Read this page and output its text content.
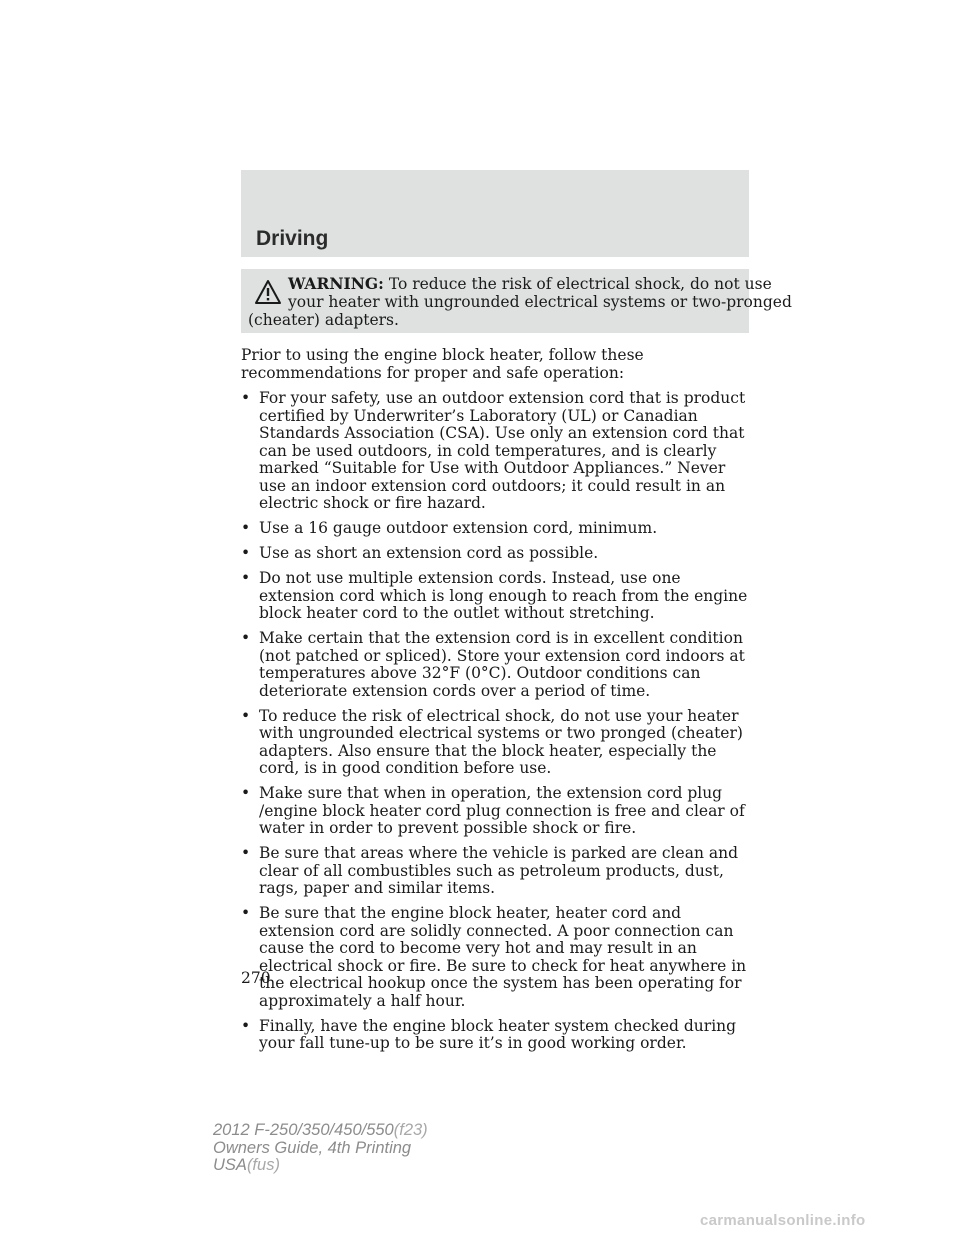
Driving
WARNING: To reduce the risk of electrical shock, do not use
your heater with ungrounded electrical systems or two-pronged
(cheater) adapters.

Prior to using the engine block heater, follow these recommendations for proper and safe operation:

• For your safety, use an outdoor extension cord that is product certified by Underwriter’s Laboratory (UL) or Canadian Standards Association (CSA). Use only an extension cord that can be used outdoors, in cold temperatures, and is clearly marked “Suitable for Use with Outdoor Appliances.” Never use an indoor extension cord outdoors; it could result in an electric shock or fire hazard.
• Use a 16 gauge outdoor extension cord, minimum.
• Use as short an extension cord as possible.
• Do not use multiple extension cords. Instead, use one extension cord which is long enough to reach from the engine block heater cord to the outlet without stretching.
• Make certain that the extension cord is in excellent condition (not patched or spliced). Store your extension cord indoors at temperatures above 32°F (0°C). Outdoor conditions can deteriorate extension cords over a period of time.
• To reduce the risk of electrical shock, do not use your heater with ungrounded electrical systems or two pronged (cheater) adapters. Also ensure that the block heater, especially the cord, is in good condition before use.
• Make sure that when in operation, the extension cord plug /engine block heater cord plug connection is free and clear of water in order to prevent possible shock or fire.
• Be sure that areas where the vehicle is parked are clean and clear of all combustibles such as petroleum products, dust, rags, paper and similar items.
• Be sure that the engine block heater, heater cord and extension cord are solidly connected. A poor connection can cause the cord to become very hot and may result in an electrical shock or fire. Be sure to check for heat anywhere in the electrical hookup once the system has been operating for approximately a half hour.
• Finally, have the engine block heater system checked during your fall tune-up to be sure it’s in good working order.
270
2012 F-250/350/450/550(f23)
Owners Guide, 4th Printing
USA(fus)
carmanualsonline.info
